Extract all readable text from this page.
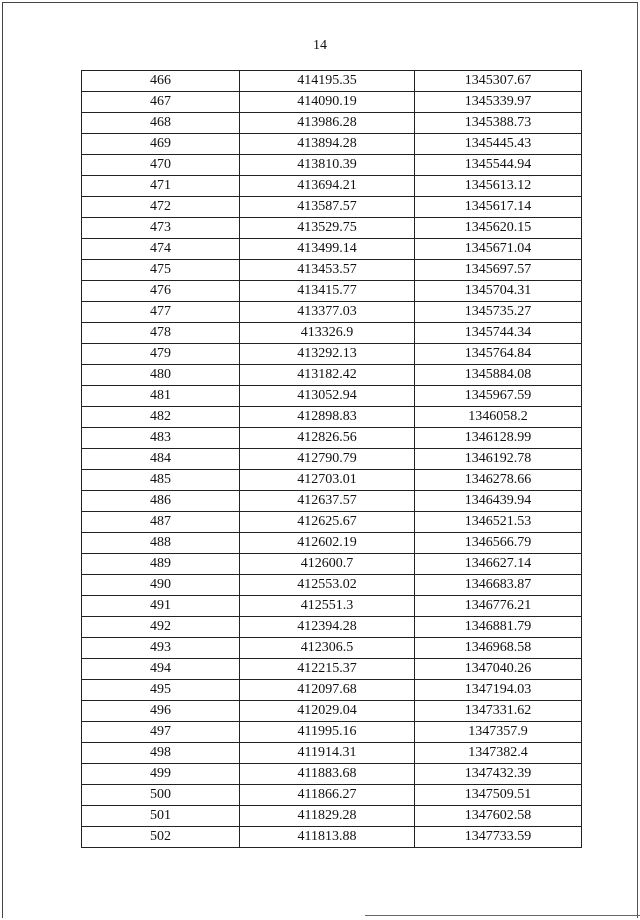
14
466	414195.35	1345307.67
467	414090.19	1345339.97
468	413986.28	1345388.73
469	413894.28	1345445.43
470	413810.39	1345544.94
471	413694.21	1345613.12
472	413587.57	1345617.14
473	413529.75	1345620.15
474	413499.14	1345671.04
475	413453.57	1345697.57
476	413415.77	1345704.31
477	413377.03	1345735.27
478	413326.9	1345744.34
479	413292.13	1345764.84
480	413182.42	1345884.08
481	413052.94	1345967.59
482	412898.83	1346058.2
483	412826.56	1346128.99
484	412790.79	1346192.78
485	412703.01	1346278.66
486	412637.57	1346439.94
487	412625.67	1346521.53
488	412602.19	1346566.79
489	412600.7	1346627.14
490	412553.02	1346683.87
491	412551.3	1346776.21
492	412394.28	1346881.79
493	412306.5	1346968.58
494	412215.37	1347040.26
495	412097.68	1347194.03
496	412029.04	1347331.62
497	411995.16	1347357.9
498	411914.31	1347382.4
499	411883.68	1347432.39
500	411866.27	1347509.51
501	411829.28	1347602.58
502	411813.88	1347733.59
